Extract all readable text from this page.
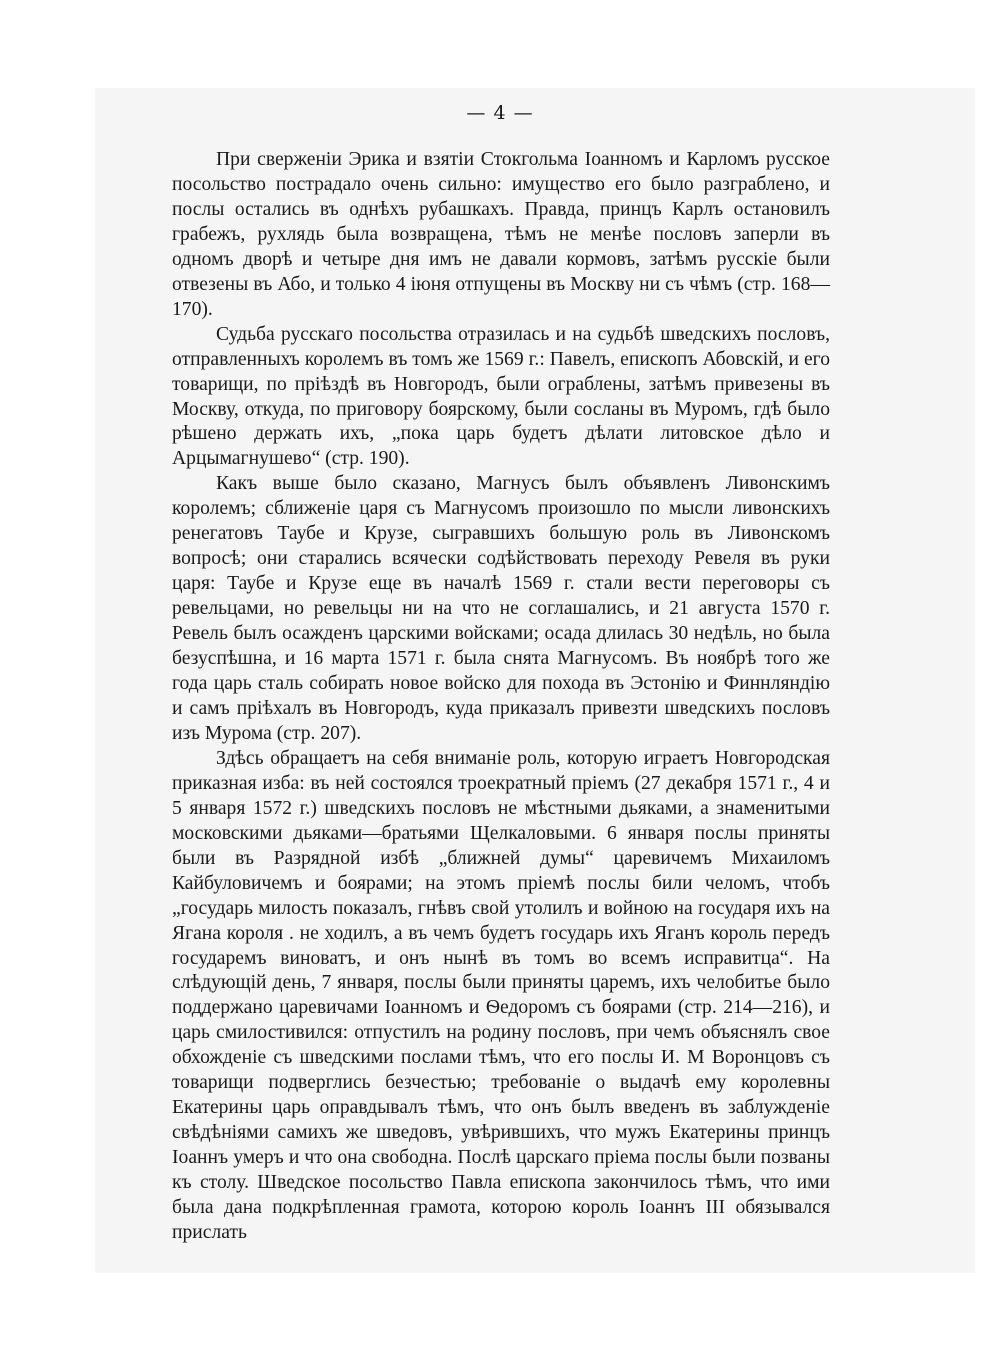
— 4 —

При сверженіи Эрика и взятіи Стокгольма Іоанномъ и Карломъ русское посольство пострадало очень сильно: имущество его было разграблено, и послы остались въ однѣхъ рубашкахъ. Правда, принцъ Карлъ остановилъ грабежъ, рухлядь была возвращена, тѣмъ не менѣе пословъ заперли въ одномъ дворѣ и четыре дня имъ не давали кормовъ, затѣмъ русскіе были отвезены въ Або, и только 4 іюня отпущены въ Москву ни съ чѣмъ (стр. 168—170).

Судьба русскаго посольства отразилась и на судьбѣ шведскихъ пословъ, отправленныхъ королемъ въ томъ же 1569 г.: Павелъ, епископъ Абовскій, и его товарищи, по пріѣздѣ въ Новгородъ, были ограблены, затѣмъ привезены въ Москву, откуда, по приговору боярскому, были сосланы въ Муромъ, гдѣ было рѣшено держать ихъ, „пока царь будетъ дѣлати литовское дѣло и Арцымагнушево“ (стр. 190).

Какъ выше было сказано, Магнусъ былъ объявленъ Ливонскимъ королемъ; сближеніе царя съ Магнусомъ произошло по мысли ливонскихъ ренегатовъ Таубе и Крузе, сыгравшихъ большую роль въ Ливонскомъ вопросѣ; они старались всячески содѣйствовать переходу Ревеля въ руки царя: Таубе и Крузе еще въ началѣ 1569 г. стали вести переговоры съ ревельцами, но ревельцы ни на что не соглашались, и 21 августа 1570 г. Ревель былъ осажденъ царскими войсками; осада длилась 30 недѣль, но была безуспѣшна, и 16 марта 1571 г. была снята Магнусомъ. Въ ноябрѣ того же года царь сталь собирать новое войско для похода въ Эстонію и Финнляндію и самъ пріѣхалъ въ Новгородъ, куда приказалъ привезти шведскихъ пословъ изъ Мурома (стр. 207).

Здѣсь обращаетъ на себя вниманіе роль, которую играетъ Новгородская приказная изба: въ ней состоялся троекратный пріемъ (27 декабря 1571 г., 4 и 5 января 1572 г.) шведскихъ пословъ не мѣстными дьяками, а знаменитыми московскими дьяками—братьями Щелкаловыми. 6 января послы приняты были въ Разрядной избѣ „ближней думы“ царевичемъ Михаиломъ Кайбуловичемъ и боярами; на этомъ пріемѣ послы били челомъ, чтобъ „государь милость показалъ, гнѣвъ свой утолилъ и войною на государя ихъ на Ягана короля . не ходилъ, а въ чемъ будетъ государь ихъ Яганъ король передъ государемъ виноватъ, и онъ нынѣ въ томъ во всемъ исправитца“. На слѣдующій день, 7 января, послы были приняты царемъ, ихъ челобитье было поддержано царевичами Іоанномъ и Ѳедоромъ съ боярами (стр. 214—216), и царь смилостивился: отпустилъ на родину пословъ, при чемъ объяснялъ свое обхожденіе съ шведскими послами тѣмъ, что его послы И. М Воронцовъ съ товарищи подверглись безчестью; требованіе о выдачѣ ему королевны Екатерины царь оправдывалъ тѣмъ, что онъ былъ введенъ въ заблужденіе свѣдѣніями самихъ же шведовъ, увѣрившихъ, что мужъ Екатерины принцъ Іоаннъ умеръ и что она свободна. Послѣ царскаго пріема послы были позваны къ столу. Шведское посольство Павла епископа закончилось тѣмъ, что ими была дана подкрѣпленная грамота, которою король Іоаннъ III обязывался прислать
